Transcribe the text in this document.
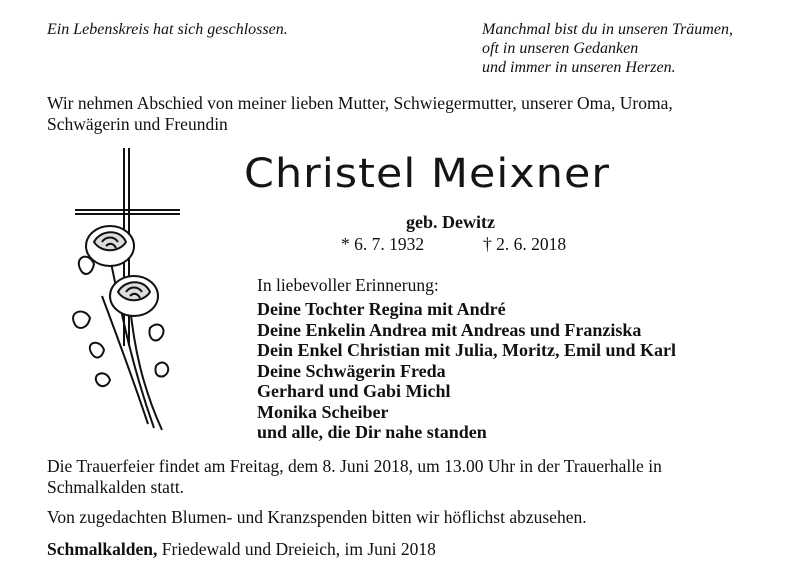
Ein Lebenskreis hat sich geschlossen.	Manchmal bist du in unseren Träumen,
oft in unseren Gedanken
und immer in unseren Herzen.
Wir nehmen Abschied von meiner lieben Mutter, Schwiegermutter, unserer Oma, Uroma,
Schwägerin und Freundin
Christel Meixner
geb. Dewitz
* 6. 7. 1932	† 2. 6. 2018
In liebevoller Erinnerung:
Deine Tochter Regina mit André
Deine Enkelin Andrea mit Andreas und Franziska
Dein Enkel Christian mit Julia, Moritz, Emil und Karl
Deine Schwägerin Freda
Gerhard und Gabi Michl
Monika Scheiber
und alle, die Dir nahe standen
Die Trauerfeier findet am Freitag, dem 8. Juni 2018, um 13.00 Uhr in der Trauerhalle in
Schmalkalden statt.
Von zugedachten Blumen- und Kranzspenden bitten wir höflichst abzusehen.
Schmalkalden, Friedewald und Dreieich, im Juni 2018
